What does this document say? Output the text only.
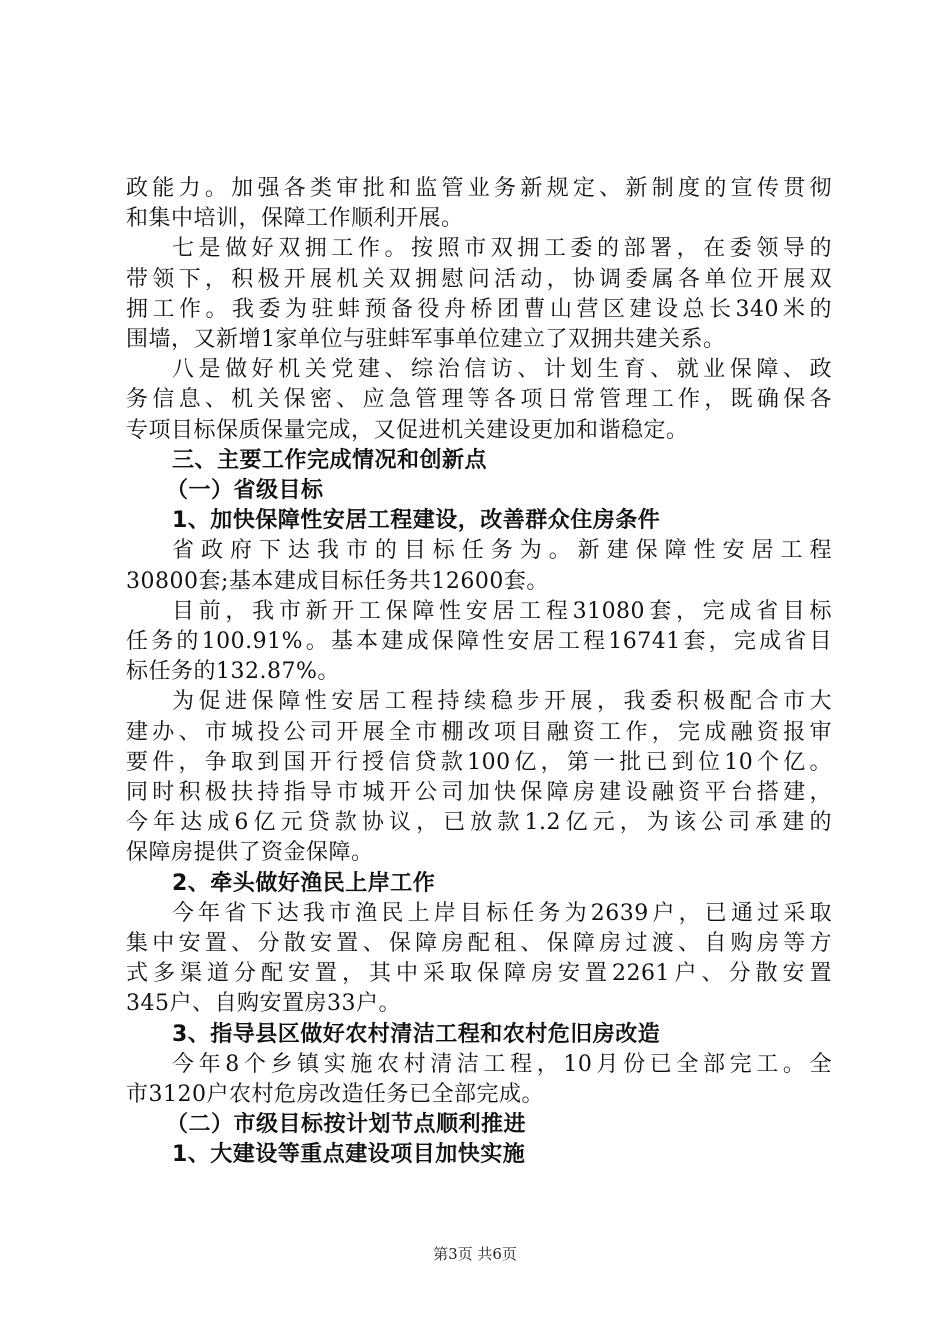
政能力。加强各类审批和监管业务新规定、新制度的宣传贯彻
和集中培训，保障工作顺利开展。
七是做好双拥工作。按照市双拥工委的部署，在委领导的
带领下，积极开展机关双拥慰问活动，协调委属各单位开展双
拥工作。我委为驻蚌预备役舟桥团曹山营区建设总长340米的
围墙，又新增1家单位与驻蚌军事单位建立了双拥共建关系。
八是做好机关党建、综治信访、计划生育、就业保障、政
务信息、机关保密、应急管理等各项日常管理工作，既确保各
专项目标保质保量完成，又促进机关建设更加和谐稳定。
三、主要工作完成情况和创新点
（一）省级目标
1、加快保障性安居工程建设，改善群众住房条件
省政府下达我市的目标任务为。新建保障性安居工程
30800套;基本建成目标任务共12600套。
目前，我市新开工保障性安居工程31080套，完成省目标
任务的100.91%。基本建成保障性安居工程16741套，完成省目
标任务的132.87%。
为促进保障性安居工程持续稳步开展，我委积极配合市大
建办、市城投公司开展全市棚改项目融资工作，完成融资报审
要件，争取到国开行授信贷款100亿，第一批已到位10个亿。
同时积极扶持指导市城开公司加快保障房建设融资平台搭建，
今年达成6亿元贷款协议，已放款1.2亿元，为该公司承建的
保障房提供了资金保障。
2、牵头做好渔民上岸工作
今年省下达我市渔民上岸目标任务为2639户，已通过采取
集中安置、分散安置、保障房配租、保障房过渡、自购房等方
式多渠道分配安置，其中采取保障房安置2261户、分散安置
345户、自购安置房33户。
3、指导县区做好农村清洁工程和农村危旧房改造
今年8个乡镇实施农村清洁工程，10月份已全部完工。全
市3120户农村危房改造任务已全部完成。
（二）市级目标按计划节点顺利推进
1、大建设等重点建设项目加快实施
第3页 共6页
